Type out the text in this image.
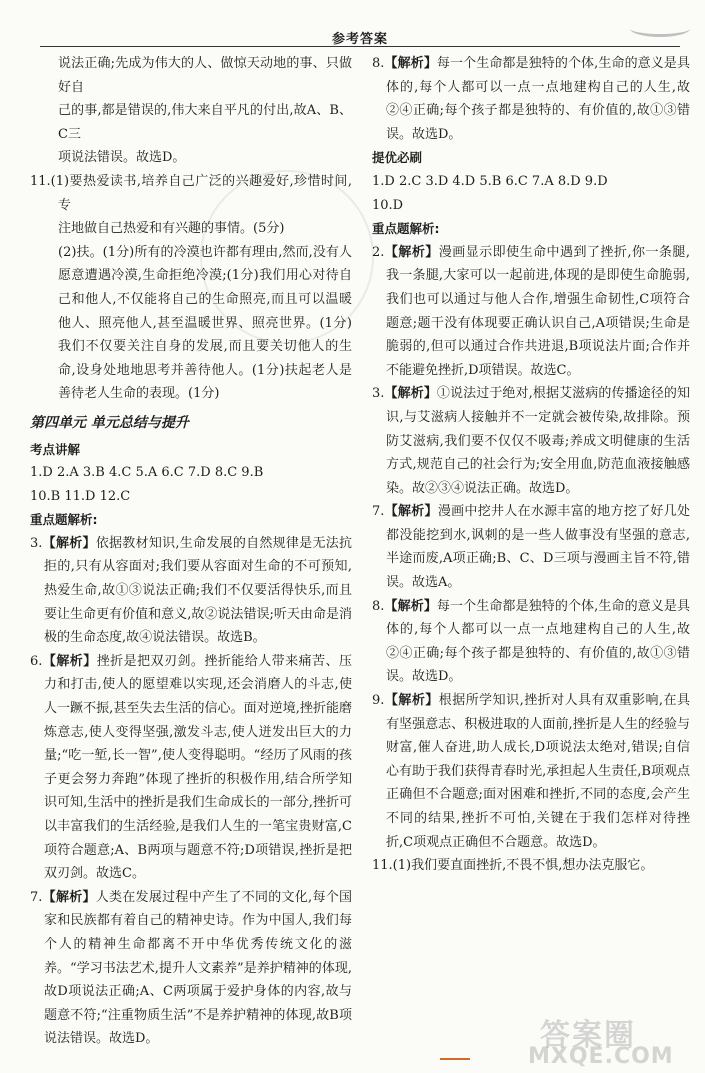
参考答案

说法正确;先成为伟大的人、做惊天动地的事、只做好自

己的事,都是错误的,伟大来自平凡的付出,故A、B、C三

项说法错误。故选D。

11.(1)要热爱读书,培养自己广泛的兴趣爱好,珍惜时间,专

注地做自己热爱和有兴趣的事情。(5分)

(2)扶。(1分)所有的冷漠也许都有理由,然而,没有人愿意遭遇冷漠,生命拒绝冷漠;(1分)我们用心对待自己和他人,不仅能将自己的生命照亮,而且可以温暖他人、照亮他人,甚至温暖世界、照亮世界。(1分)我们不仅要关注自身的发展,而且要关切他人的生命,设身处地地思考并善待他人。(1分)扶起老人是善待老人生命的表现。(1分)

第四单元 单元总结与提升

考点讲解

1.D 2.A 3.B 4.C 5.A 6.C 7.D 8.C 9.B

10.B 11.D 12.C

重点题解析:

3.【解析】依据教材知识,生命发展的自然规律是无法抗拒的,只有从容面对;我们要从容面对生命的不可预知,热爱生命,故①③说法正确;我们不仅要活得快乐,而且要让生命更有价值和意义,故②说法错误;听天由命是消极的生命态度,故④说法错误。故选B。

6.【解析】挫折是把双刃剑。挫折能给人带来痛苦、压力和打击,使人的愿望难以实现,还会消磨人的斗志,使人一蹶不振,甚至失去生活的信心。面对逆境,挫折能磨炼意志,使人变得坚强,激发斗志,使人迸发出巨大的力量;“吃一堑,长一智”,使人变得聪明。“经历了风雨的孩子更会努力奔跑”体现了挫折的积极作用,结合所学知识可知,生活中的挫折是我们生命成长的一部分,挫折可以丰富我们的生活经验,是我们人生的一笔宝贵财富,C项符合题意;A、B两项与题意不符;D项错误,挫折是把双刃剑。故选C。

7.【解析】人类在发展过程中产生了不同的文化,每个国家和民族都有着自己的精神史诗。作为中国人,我们每个人的精神生命都离不开中华优秀传统文化的滋养。“学习书法艺术,提升人文素养”是养护精神的体现,故D项说法正确;A、C两项属于爱护身体的内容,故与题意不符;“注重物质生活”不是养护精神的体现,故B项说法错误。故选D。

8.【解析】每一个生命都是独特的个体,生命的意义是具体的,每个人都可以一点一点地建构自己的人生,故②④正确;每个孩子都是独特的、有价值的,故①③错误。故选D。

提优必刷

1.D 2.C 3.D 4.D 5.B 6.C 7.A 8.D 9.D

10.D

重点题解析:

2.【解析】漫画显示即使生命中遇到了挫折,你一条腿,我一条腿,大家可以一起前进,体现的是即使生命脆弱,我们也可以通过与他人合作,增强生命韧性,C项符合题意;题干没有体现要正确认识自己,A项错误;生命是脆弱的,但可以通过合作共进退,B项说法片面;合作并不能避免挫折,D项错误。故选C。

3.【解析】①说法过于绝对,根据艾滋病的传播途径的知识,与艾滋病人接触并不一定就会被传染,故排除。预防艾滋病,我们要不仅仅不吸毒;养成文明健康的生活方式,规范自己的社会行为;安全用血,防范血液接触感染。故②③④说法正确。故选D。

7.【解析】漫画中挖井人在水源丰富的地方挖了好几处都没能挖到水,讽刺的是一些人做事没有坚强的意志,半途而废,A项正确;B、C、D三项与漫画主旨不符,错误。故选A。

8.【解析】每一个生命都是独特的个体,生命的意义是具体的,每个人都可以一点一点地建构自己的人生,故②④正确;每个孩子都是独特的、有价值的,故①③错误。故选D。

9.【解析】根据所学知识,挫折对人具有双重影响,在具有坚强意志、积极进取的人面前,挫折是人生的经验与财富,催人奋进,助人成长,D项说法太绝对,错误;自信心有助于我们获得青春时光,承担起人生责任,B项观点正确但不合题意;面对困难和挫折,不同的态度,会产生不同的结果,挫折不可怕,关键在于我们怎样对待挫折,C项观点正确但不合题意。故选D。

11.(1)我们要直面挫折,不畏不惧,想办法克服它。

答案圈
MXQE.COM
